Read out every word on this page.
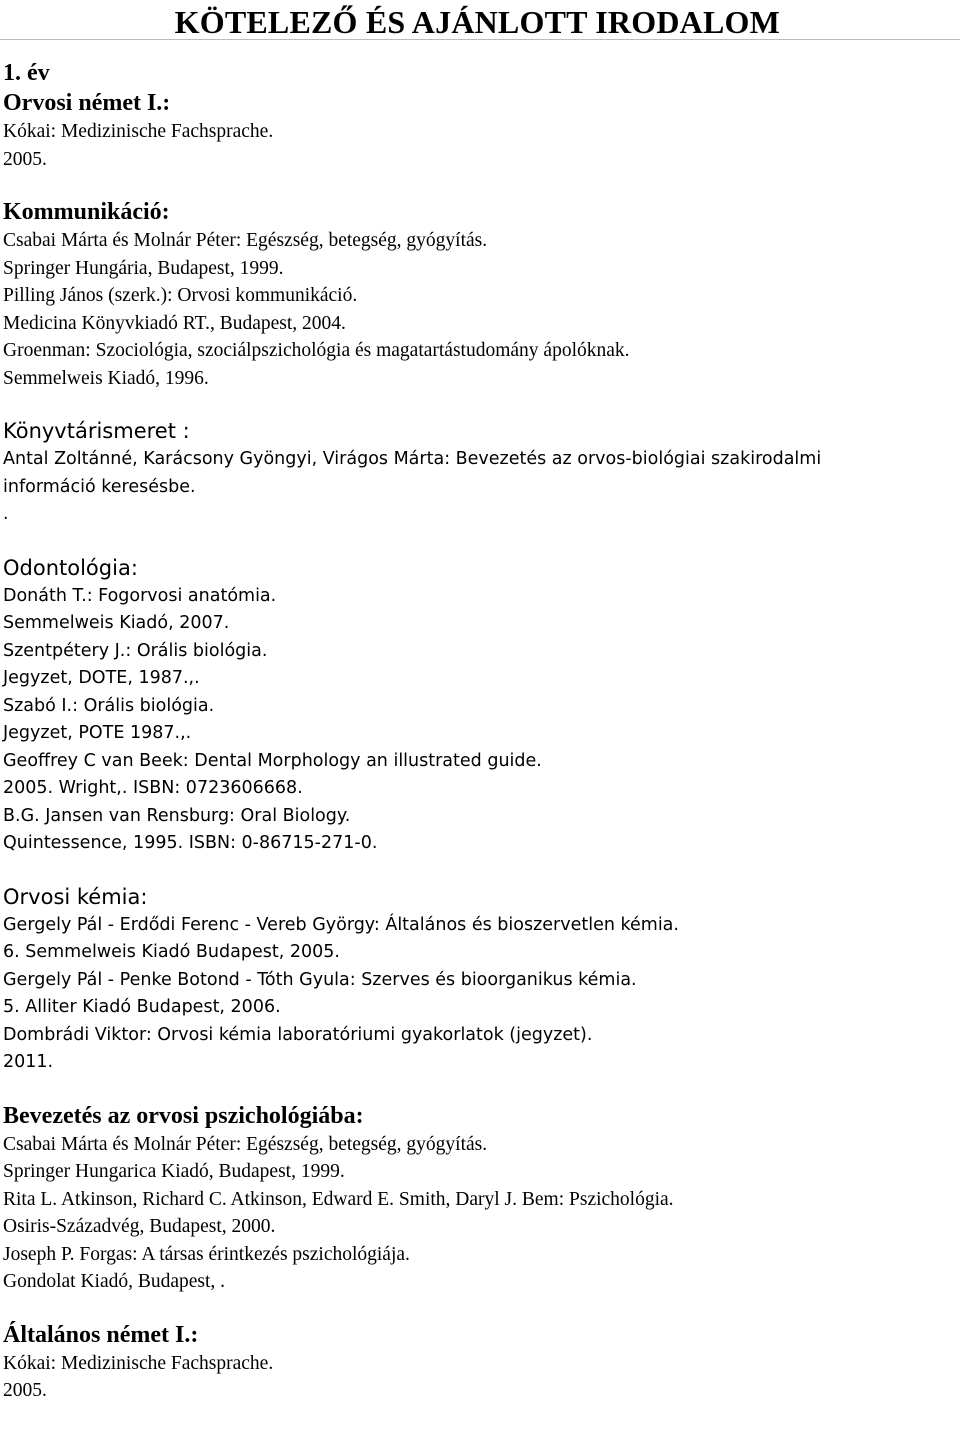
KÖTELEZŐ ÉS AJÁNLOTT IRODALOM
1. év
Orvosi német I.:
Kókai: Medizinische Fachsprache.
2005.
Kommunikáció:
Csabai Márta és Molnár Péter: Egészség, betegség, gyógyítás.
Springer Hungária, Budapest, 1999.
Pilling János (szerk.): Orvosi kommunikáció.
Medicina Könyvkiadó RT., Budapest, 2004.
Groenman: Szociológia, szociálpszichológia és magatartástudomány ápolóknak.
Semmelweis Kiadó, 1996.
Könyvtárismeret :
Antal Zoltánné, Karácsony Gyöngyi, Virágos Márta: Bevezetés az orvos-biológiai szakirodalmi
információ keresésbe.
.
Odontológia:
Donáth T.: Fogorvosi anatómia.
Semmelweis Kiadó, 2007.
Szentpétery J.: Orális biológia.
Jegyzet, DOTE, 1987.,.
Szabó I.: Orális biológia.
Jegyzet, POTE 1987.,.
Geoffrey C van Beek: Dental Morphology an illustrated guide.
2005. Wright,. ISBN: 0723606668.
B.G. Jansen van Rensburg: Oral Biology.
Quintessence, 1995. ISBN: 0-86715-271-0.
Orvosi kémia:
Gergely Pál - Erdődi Ferenc - Vereb György: Általános és bioszervetlen kémia.
6. Semmelweis Kiadó Budapest, 2005.
Gergely Pál - Penke Botond - Tóth Gyula: Szerves és bioorganikus kémia.
5. Alliter Kiadó Budapest, 2006.
Dombrádi Viktor: Orvosi kémia laboratóriumi gyakorlatok (jegyzet).
2011.
Bevezetés az orvosi pszichológiába:
Csabai Márta és Molnár Péter: Egészség, betegség, gyógyítás.
Springer Hungarica Kiadó, Budapest, 1999.
Rita L. Atkinson, Richard C. Atkinson, Edward E. Smith, Daryl J. Bem: Pszichológia.
Osiris-Századvég, Budapest, 2000.
Joseph P. Forgas: A társas érintkezés pszichológiája.
Gondolat Kiadó, Budapest, .
Általános német I.:
Kókai: Medizinische Fachsprache.
2005.
